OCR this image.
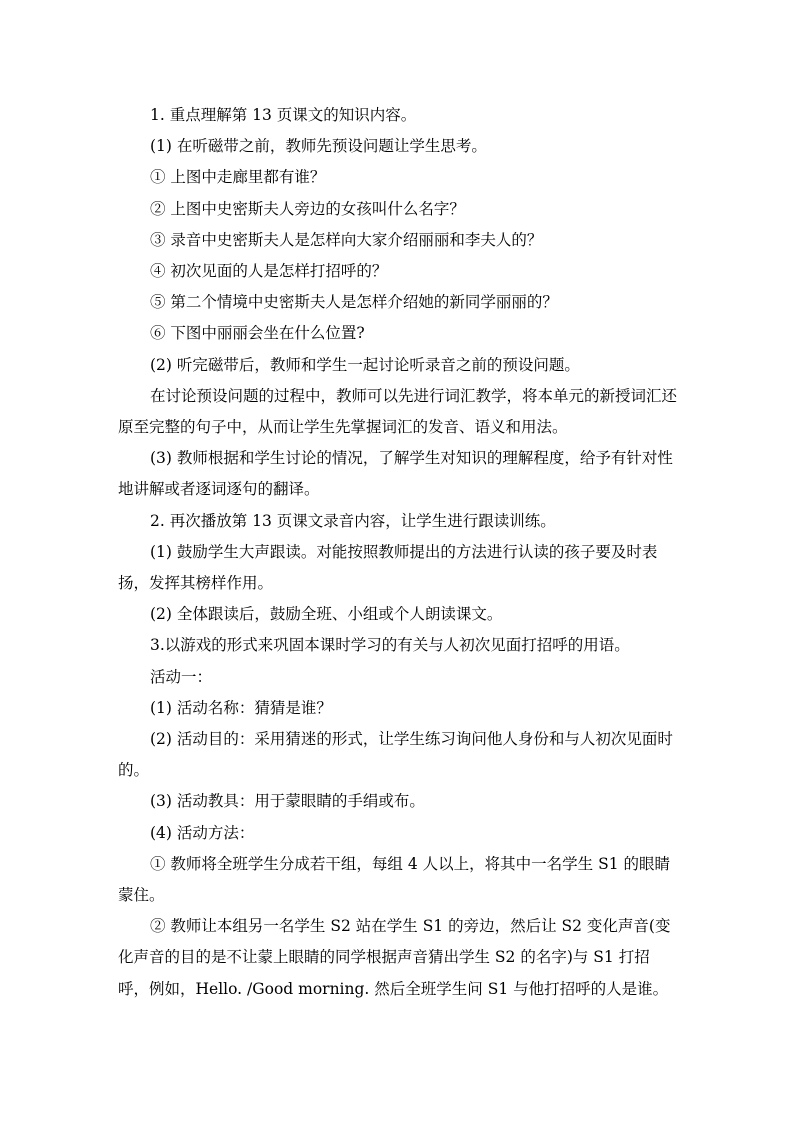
1. 重点理解第 13 页课文的知识内容。

(1) 在听磁带之前，教师先预设问题让学生思考。

① 上图中走廊里都有谁？

② 上图中史密斯夫人旁边的女孩叫什么名字？

③ 录音中史密斯夫人是怎样向大家介绍丽丽和李夫人的？

④ 初次见面的人是怎样打招呼的？

⑤ 第二个情境中史密斯夫人是怎样介绍她的新同学丽丽的？

⑥ 下图中丽丽会坐在什么位置?

(2) 听完磁带后，教师和学生一起讨论听录音之前的预设问题。

在讨论预设问题的过程中，教师可以先进行词汇教学，将本单元的新授词汇还原至完整的句子中，从而让学生先掌握词汇的发音、语义和用法。

(3) 教师根据和学生讨论的情况，了解学生对知识的理解程度，给予有针对性地讲解或者逐词逐句的翻译。

2. 再次播放第 13 页课文录音内容，让学生进行跟读训练。

(1) 鼓励学生大声跟读。对能按照教师提出的方法进行认读的孩子要及时表扬，发挥其榜样作用。

(2) 全体跟读后，鼓励全班、小组或个人朗读课文。

3.以游戏的形式来巩固本课时学习的有关与人初次见面打招呼的用语。

活动一：

(1) 活动名称：猜猜是谁？

(2) 活动目的：采用猜迷的形式，让学生练习询问他人身份和与人初次见面时的。

(3) 活动教具：用于蒙眼睛的手绢或布。

(4) 活动方法：

① 教师将全班学生分成若干组，每组 4 人以上，将其中一名学生 S1 的眼睛蒙住。

② 教师让本组另一名学生 S2 站在学生 S1 的旁边，然后让 S2 变化声音(变化声音的目的是不让蒙上眼睛的同学根据声音猜出学生 S2 的名字)与 S1 打招呼，例如，Hello. /Good morning. 然后全班学生问 S1 与他打招呼的人是谁。
